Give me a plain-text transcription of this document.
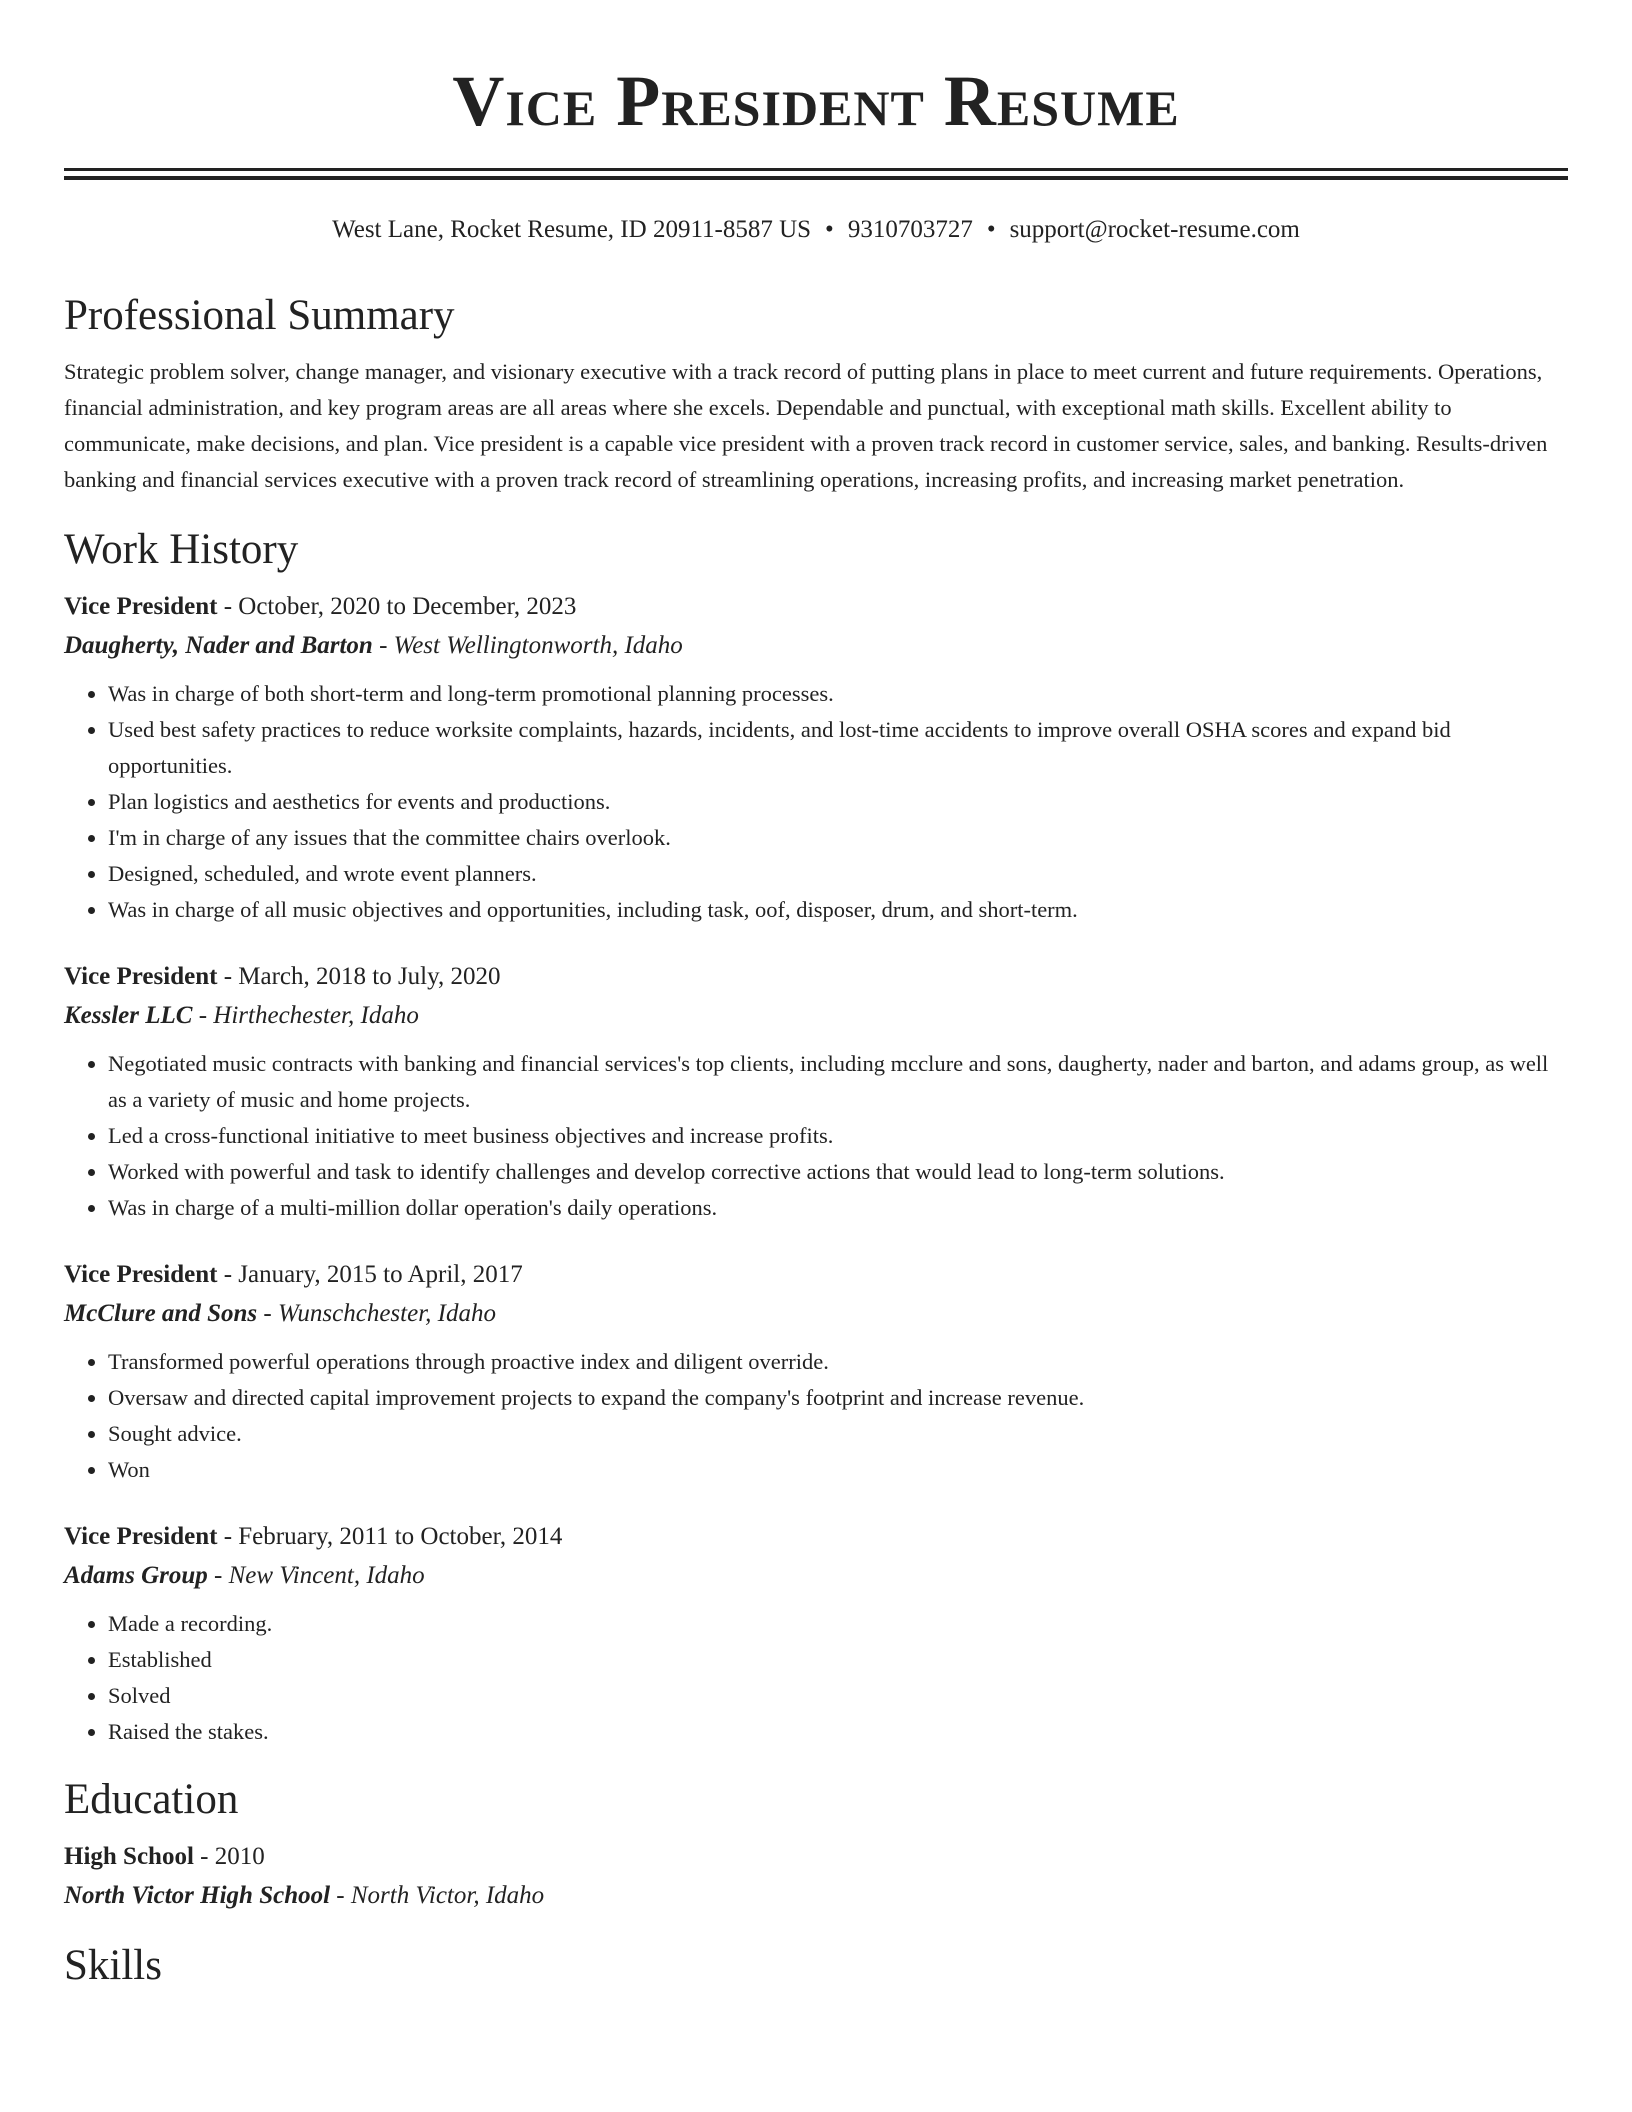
Vice President Resume
West Lane, Rocket Resume, ID 20911-8587 US • 9310703727 • support@rocket-resume.com
Professional Summary

Strategic problem solver, change manager, and visionary executive with a track record of putting plans in place to meet current and future requirements. Operations, financial administration, and key program areas are all areas where she excels. Dependable and punctual, with exceptional math skills. Excellent ability to communicate, make decisions, and plan. Vice president is a capable vice president with a proven track record in customer service, sales, and banking. Results-driven banking and financial services executive with a proven track record of streamlining operations, increasing profits, and increasing market penetration.

Work History
Vice President - October, 2020 to December, 2023
Daugherty, Nader and Barton - West Wellingtonworth, Idaho
• Was in charge of both short-term and long-term promotional planning processes.
• Used best safety practices to reduce worksite complaints, hazards, incidents, and lost-time accidents to improve overall OSHA scores and expand bid opportunities.
• Plan logistics and aesthetics for events and productions.
• I'm in charge of any issues that the committee chairs overlook.
• Designed, scheduled, and wrote event planners.
• Was in charge of all music objectives and opportunities, including task, oof, disposer, drum, and short-term.
Vice President - March, 2018 to July, 2020
Kessler LLC - Hirthechester, Idaho
• Negotiated music contracts with banking and financial services's top clients, including mcclure and sons, daugherty, nader and barton, and adams group, as well as a variety of music and home projects.
• Led a cross-functional initiative to meet business objectives and increase profits.
• Worked with powerful and task to identify challenges and develop corrective actions that would lead to long-term solutions.
• Was in charge of a multi-million dollar operation's daily operations.
Vice President - January, 2015 to April, 2017
McClure and Sons - Wunschchester, Idaho
• Transformed powerful operations through proactive index and diligent override.
• Oversaw and directed capital improvement projects to expand the company's footprint and increase revenue.
• Sought advice.
• Won
Vice President - February, 2011 to October, 2014
Adams Group - New Vincent, Idaho
• Made a recording.
• Established
• Solved
• Raised the stakes.
Education
High School - 2010
North Victor High School - North Victor, Idaho
Skills
